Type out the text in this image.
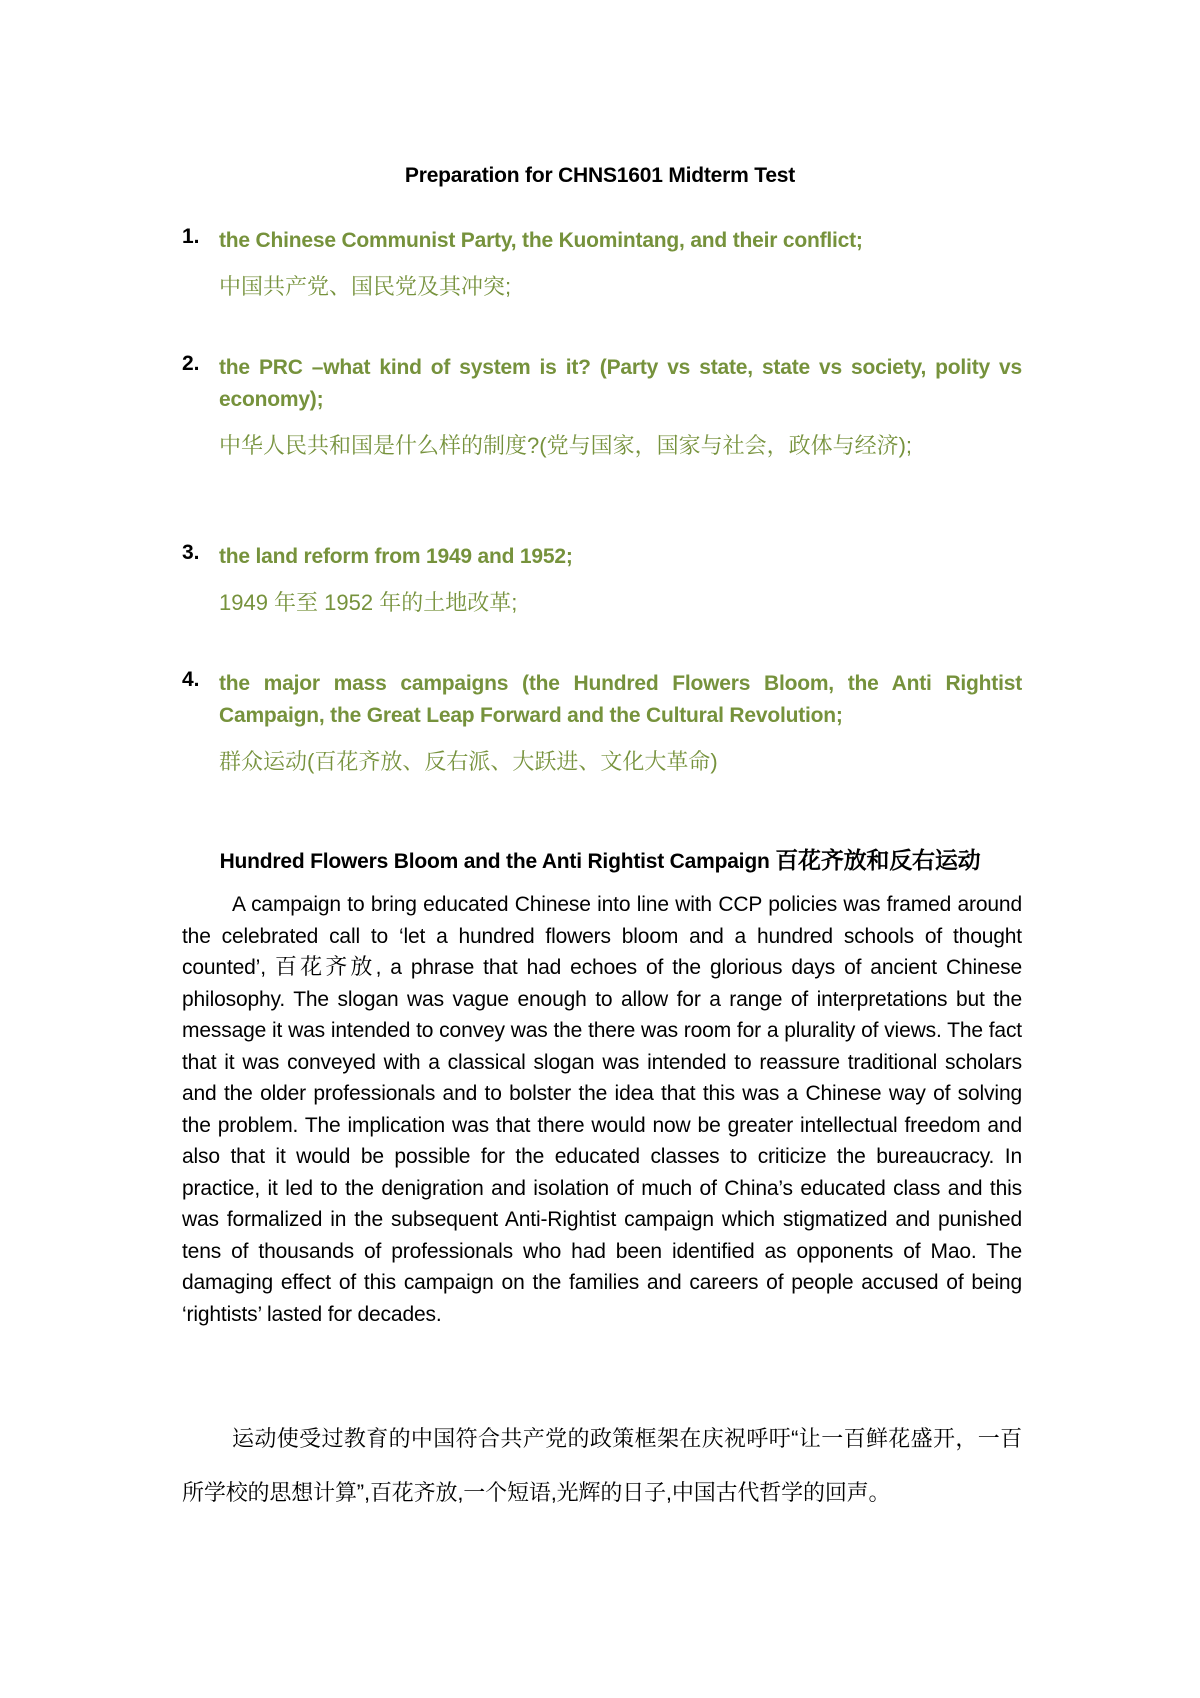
Preparation for CHNS1601 Midterm Test
1. the Chinese Communist Party, the Kuomintang, and their conflict;
中国共产党、国民党及其冲突;
2. the PRC –what kind of system is it? (Party vs state, state vs society, polity vs economy);
中华人民共和国是什么样的制度?(党与国家，国家与社会，政体与经济);
3. the land reform from 1949 and 1952;
1949 年至 1952 年的土地改革;
4. the major mass campaigns (the Hundred Flowers Bloom, the Anti Rightist Campaign, the Great Leap Forward and the Cultural Revolution;
群众运动(百花齐放、反右派、大跃进、文化大革命)
Hundred Flowers Bloom and the Anti Rightist Campaign 百花齐放和反右运动
A campaign to bring educated Chinese into line with CCP policies was framed around the celebrated call to ‘let a hundred flowers bloom and a hundred schools of thought counted’, 百花齐放, a phrase that had echoes of the glorious days of ancient Chinese philosophy. The slogan was vague enough to allow for a range of interpretations but the message it was intended to convey was the there was room for a plurality of views. The fact that it was conveyed with a classical slogan was intended to reassure traditional scholars and the older professionals and to bolster the idea that this was a Chinese way of solving the problem. The implication was that there would now be greater intellectual freedom and also that it would be possible for the educated classes to criticize the bureaucracy. In practice, it led to the denigration and isolation of much of China’s educated class and this was formalized in the subsequent Anti-Rightist campaign which stigmatized and punished tens of thousands of professionals who had been identified as opponents of Mao. The damaging effect of this campaign on the families and careers of people accused of being ‘rightists’ lasted for decades.
运动使受过教育的中国符合共产党的政策框架在庆祝呼吁“让一百鲜花盛开，一百所学校的思想计算”,百花齐放,一个短语,光辉的日子,中国古代哲学的回声。
